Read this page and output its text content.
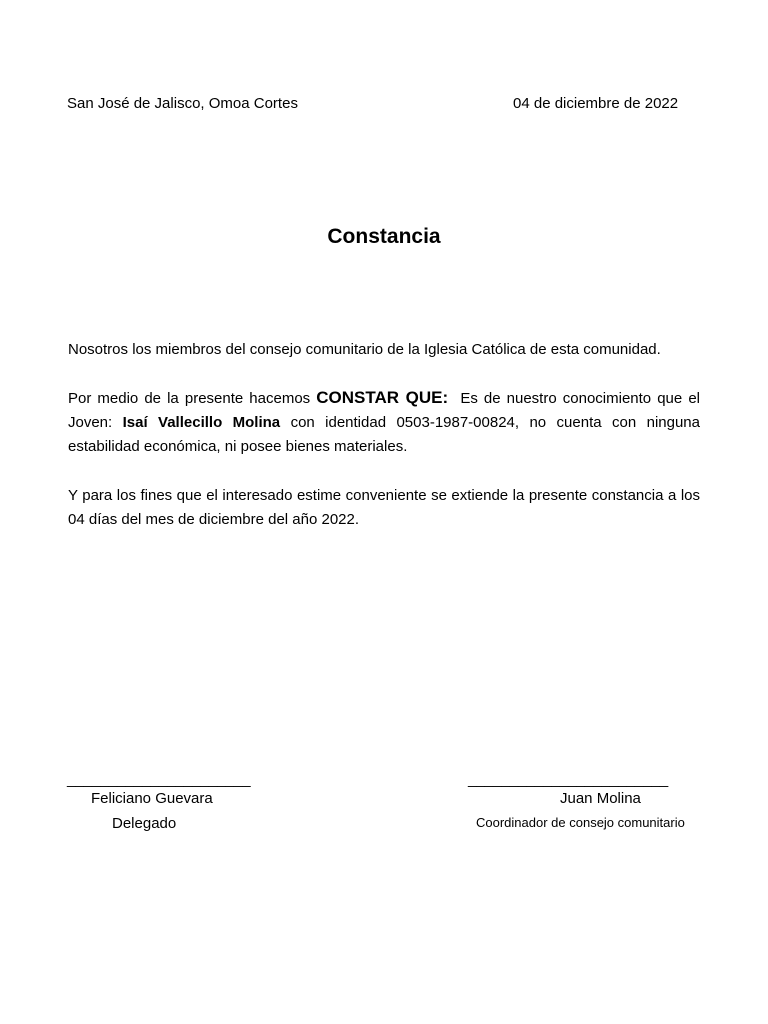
San José de Jalisco, Omoa Cortes	04 de diciembre de 2022
Constancia
Nosotros los miembros del consejo comunitario de la Iglesia Católica de esta comunidad.
Por medio de la presente hacemos CONSTAR QUE:  Es de nuestro conocimiento que el Joven: Isaí Vallecillo Molina con identidad 0503-1987-00824, no cuenta con ninguna estabilidad económica, ni posee bienes materiales.
Y para los fines que el interesado estime conveniente se extiende la presente constancia a los 04 días del mes de diciembre del año 2022.
______________________	________________________
Feliciano Guevara	Juan Molina
Delegado	Coordinador de consejo comunitario
